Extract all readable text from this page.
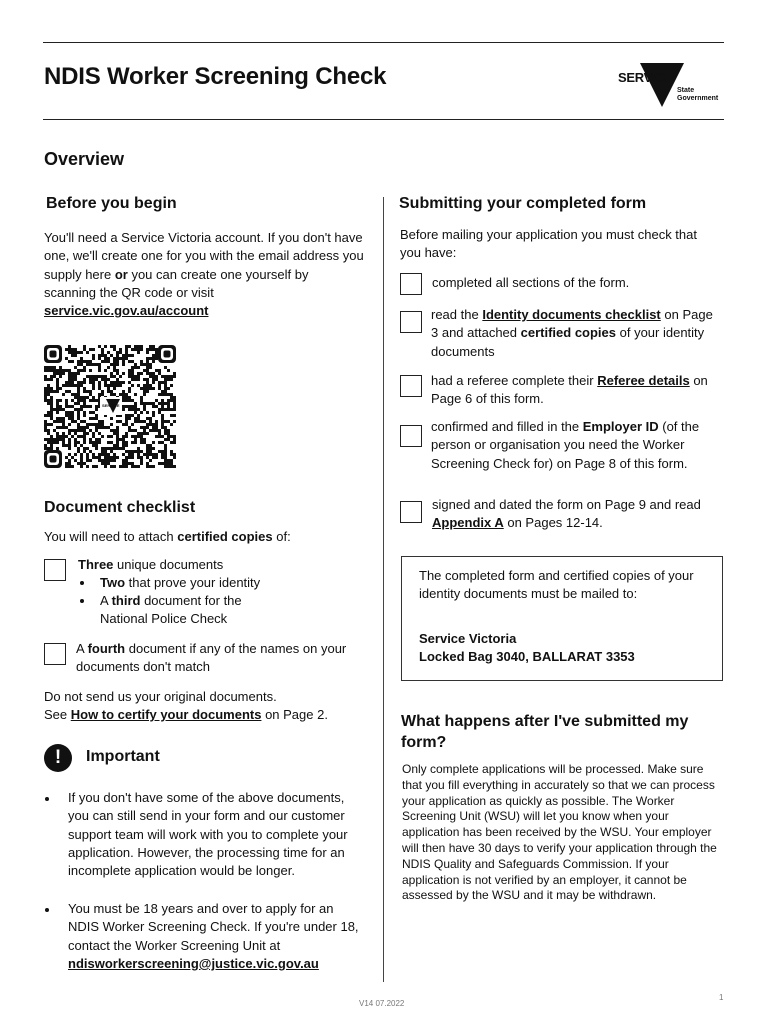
NDIS Worker Screening Check	SERVICE
State
Government
Overview
Before you begin
You'll need a Service Victoria account. If you don't have one, we'll create one for you with the email address you supply here or you can create one yourself by scanning the QR code or visit service.vic.gov.au/account
SERVICE
Document checklist
You will need to attach certified copies of:
Three unique documents
Two that prove your identity
A third document for the National Police Check
A fourth document if any of the names on your documents don't match
Do not send us your original documents.
See How to certify your documents on Page 2.
!	Important
If you don't have some of the above documents, you can still send in your form and our customer support team will work with you to complete your application. However, the processing time for an incomplete application would be longer.
You must be 18 years and over to apply for an NDIS Worker Screening Check. If you're under 18, contact the Worker Screening Unit at ndisworkerscreening@justice.vic.gov.au
Submitting your completed form
Before mailing your application you must check that you have:
completed all sections of the form.
read the Identity documents checklist on Page 3 and attached certified copies of your identity documents
had a referee complete their Referee details on Page 6 of this form.
confirmed and filled in the Employer ID (of the person or organisation you need the Worker Screening Check for) on Page 8 of this form.
signed and dated the form on Page 9 and read Appendix A on Pages 12-14.
The completed form and certified copies of your identity documents must be mailed to:
Service Victoria
Locked Bag 3040, BALLARAT 3353
What happens after I've submitted my form?
Only complete applications will be processed. Make sure that you fill everything in accurately so that we can process your application as quickly as possible. The Worker Screening Unit (WSU) will let you know when your application has been received by the WSU. Your employer will then have 30 days to verify your application through the NDIS Quality and Safeguards Commission. If your application is not verified by an employer, it cannot be assessed by the WSU and it may be withdrawn.
V14 07.2022
1
